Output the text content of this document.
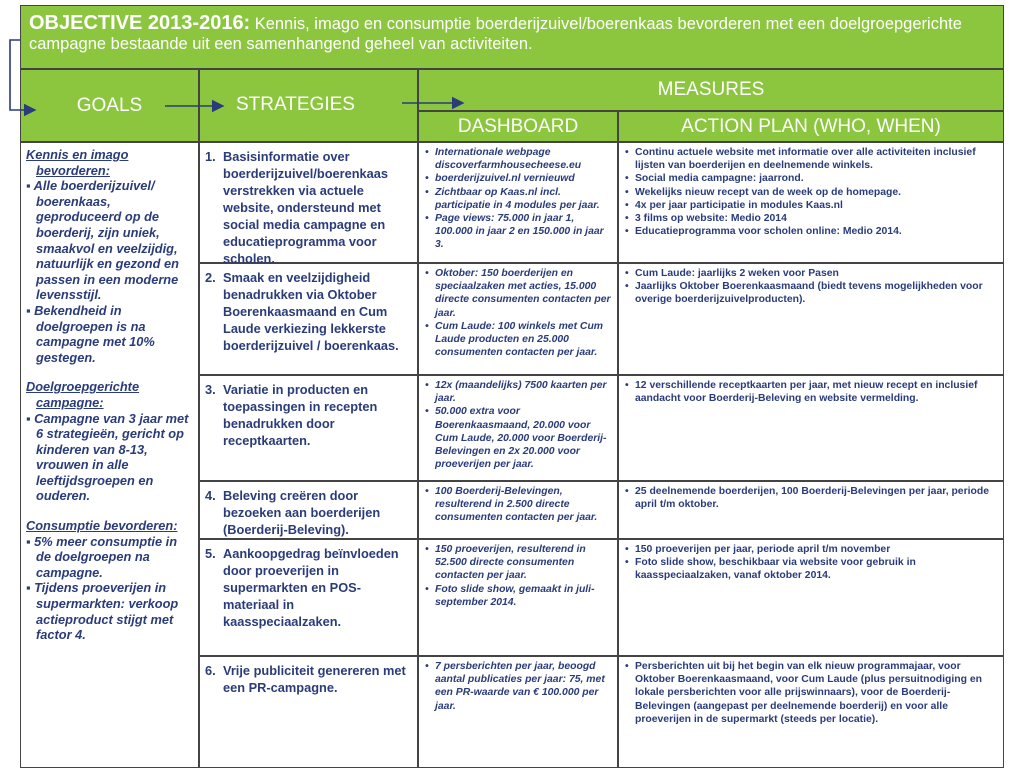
OBJECTIVE 2013-2016: Kennis, imago en consumptie boerderijzuivel/boerenkaas bevorderen met een doelgroepgerichte campagne bestaande uit een samenhangend geheel van activiteiten.
GOALS	STRATEGIES
MEASURES
DASHBOARD	ACTION PLAN (WHO, WHEN)
Kennis en imago bevorderen:
▪ Alle boerderijzuivel/ boerenkaas, geproduceerd op de boerderij, zijn uniek, smaakvol en veelzijdig, natuurlijk en gezond en passen in een moderne levensstijl.
▪ Bekendheid in doelgroepen is na campagne met 10% gestegen.
Doelgroepgerichte campagne:
▪ Campagne van 3 jaar met 6 strategieën, gericht op kinderen van 8-13, vrouwen in alle leeftijdsgroepen en ouderen.
Consumptie bevorderen:
▪ 5% meer consumptie in de doelgroepen na campagne.
▪ Tijdens proeverijen in supermarkten: verkoop actieproduct stijgt met factor 4.
1. Basisinformatie over boerderijzuivel/boerenkaas verstrekken via actuele website, ondersteund met social media campagne en educatieprogramma voor scholen.
• Internationale webpage discoverfarmhousecheese.eu
• boerderijzuivel.nl vernieuwd
• Zichtbaar op Kaas.nl incl. participatie in 4 modules per jaar.
• Page views: 75.000 in jaar 1, 100.000 in jaar 2 en 150.000 in jaar 3.
• Continu actuele website met informatie over alle activiteiten inclusief lijsten van boerderijen en deelnemende winkels.
• Social media campagne: jaarrond.
• Wekelijks nieuw recept van de week op de homepage.
• 4x per jaar participatie in modules Kaas.nl
• 3 films op website: Medio 2014
• Educatieprogramma voor scholen online: Medio 2014.
2. Smaak en veelzijdigheid benadrukken via Oktober Boerenkaasmaand en Cum Laude verkiezing lekkerste boerderijzuivel / boerenkaas.
• Oktober: 150 boerderijen en speciaalzaken met acties, 15.000 directe consumenten contacten per jaar.
• Cum Laude: 100 winkels met Cum Laude producten en 25.000 consumenten contacten per jaar.
• Cum Laude: jaarlijks 2 weken voor Pasen
• Jaarlijks Oktober Boerenkaasmaand (biedt tevens mogelijkheden voor overige boerderijzuivelproducten).
3. Variatie in producten en toepassingen in recepten benadrukken door receptkaarten.
• 12x (maandelijks) 7500 kaarten per jaar.
• 50.000 extra voor Boerenkaasmaand, 20.000 voor Cum Laude, 20.000 voor Boerderij-Belevingen en 2x 20.000 voor proeverijen per jaar.
• 12 verschillende receptkaarten per jaar, met nieuw recept en inclusief aandacht voor Boerderij-Beleving en website vermelding.
4. Beleving creëren door bezoeken aan boerderijen (Boerderij-Beleving).
• 100 Boerderij-Belevingen, resulterend in 2.500 directe consumenten contacten per jaar.
• 25 deelnemende boerderijen, 100 Boerderij-Belevingen per jaar, periode april t/m oktober.
5. Aankoopgedrag beïnvloeden door proeverijen in supermarkten en POS-materiaal in kaasspeciaalzaken.
• 150 proeverijen, resulterend in 52.500 directe consumenten contacten per jaar.
• Foto slide show, gemaakt in juli-september 2014.
• 150 proeverijen per jaar, periode april t/m november
• Foto slide show, beschikbaar via website voor gebruik in kaasspeciaalzaken, vanaf oktober 2014.
6. Vrije publiciteit genereren met een PR-campagne.
• 7 persberichten per jaar, beoogd aantal publicaties per jaar: 75, met een PR-waarde van € 100.000 per jaar.
• Persberichten uit bij het begin van elk nieuw programmajaar, voor Oktober Boerenkaasmaand, voor Cum Laude (plus persuitnodiging en lokale persberichten voor alle prijswinnaars), voor de Boerderij-Belevingen (aangepast per deelnemende boerderij) en voor alle proeverijen in de supermarkt (steeds per locatie).
